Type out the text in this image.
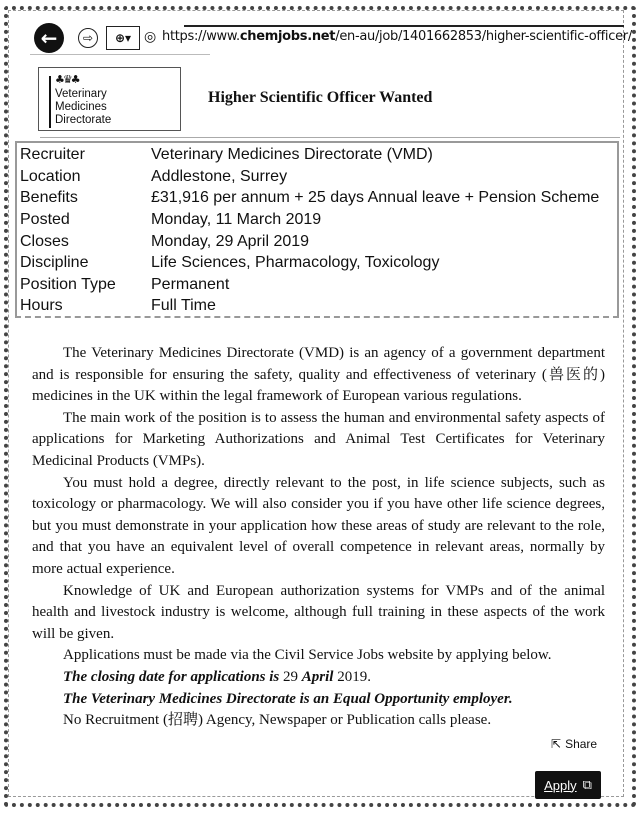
← ⇨ ⊕▾ ◎ https://www.chemjobs.net/en-au/job/1401662853/higher-scientific-officer/
♣♛♣
Veterinary
Medicines
Directorate
Higher Scientific Officer Wanted
Recruiter	Veterinary Medicines Directorate (VMD)
Location	Addlestone, Surrey
Benefits	£31,916 per annum + 25 days Annual leave + Pension Scheme
Posted	Monday, 11 March 2019
Closes	Monday, 29 April 2019
Discipline	Life Sciences, Pharmacology, Toxicology
Position Type	Permanent
Hours	Full Time

The Veterinary Medicines Directorate (VMD) is an agency of a government department and is responsible for ensuring the safety, quality and effectiveness of veterinary (兽医的) medicines in the UK within the legal framework of European various regulations.

The main work of the position is to assess the human and environmental safety aspects of applications for Marketing Authorizations and Animal Test Certificates for Veterinary Medicinal Products (VMPs).

You must hold a degree, directly relevant to the post, in life science subjects, such as toxicology or pharmacology. We will also consider you if you have other life science degrees, but you must demonstrate in your application how these areas of study are relevant to the role, and that you have an equivalent level of overall competence in relevant areas, normally by more actual experience.

Knowledge of UK and European authorization systems for VMPs and of the animal health and livestock industry is welcome, although full training in these aspects of the work will be given.

Applications must be made via the Civil Service Jobs website by applying below.

The closing date for applications is 29 April 2019.

The Veterinary Medicines Directorate is an Equal Opportunity employer.

No Recruitment (招聘) Agency, Newspaper or Publication calls please.

⇱ Share
Apply ⧉
